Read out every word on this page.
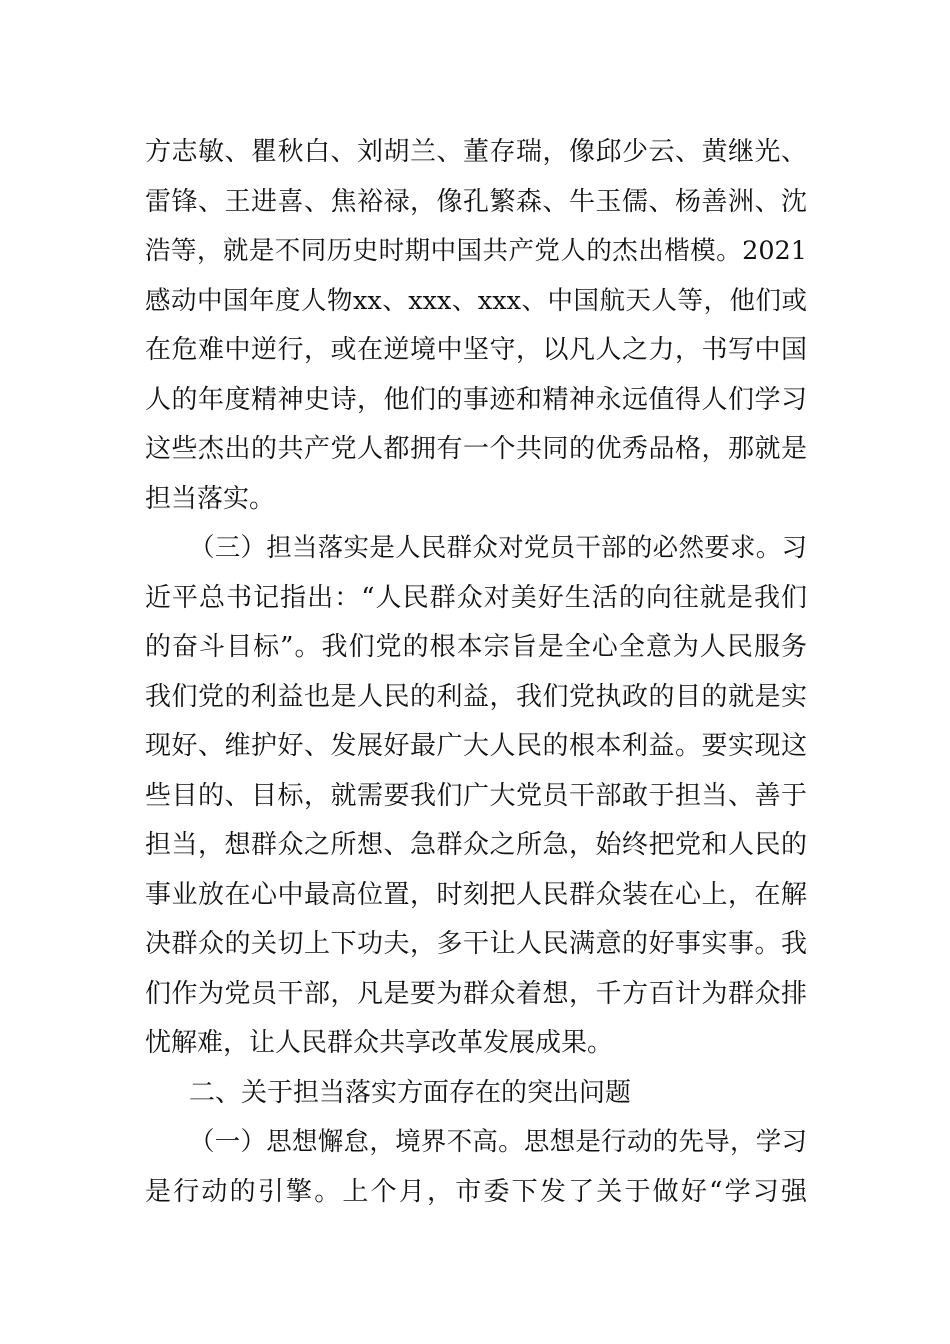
方志敏、瞿秋白、刘胡兰、董存瑞，像邱少云、黄继光、
雷锋、王进喜、焦裕禄，像孔繁森、牛玉儒、杨善洲、沈
浩等，就是不同历史时期中国共产党人的杰出楷模。2021
感动中国年度人物xx、xxx、xxx、中国航天人等，他们或
在危难中逆行，或在逆境中坚守，以凡人之力，书写中国
人的年度精神史诗，他们的事迹和精神永远值得人们学习
这些杰出的共产党人都拥有一个共同的优秀品格，那就是
担当落实。
（三）担当落实是人民群众对党员干部的必然要求。习
近平总书记指出：“人民群众对美好生活的向往就是我们
的奋斗目标”。我们党的根本宗旨是全心全意为人民服务
我们党的利益也是人民的利益，我们党执政的目的就是实
现好、维护好、发展好最广大人民的根本利益。要实现这
些目的、目标，就需要我们广大党员干部敢于担当、善于
担当，想群众之所想、急群众之所急，始终把党和人民的
事业放在心中最高位置，时刻把人民群众装在心上，在解
决群众的关切上下功夫，多干让人民满意的好事实事。我
们作为党员干部，凡是要为群众着想，千方百计为群众排
忧解难，让人民群众共享改革发展成果。
二、关于担当落实方面存在的突出问题
（一）思想懈怠，境界不高。思想是行动的先导，学习
是行动的引擎。上个月，市委下发了关于做好“学习强
